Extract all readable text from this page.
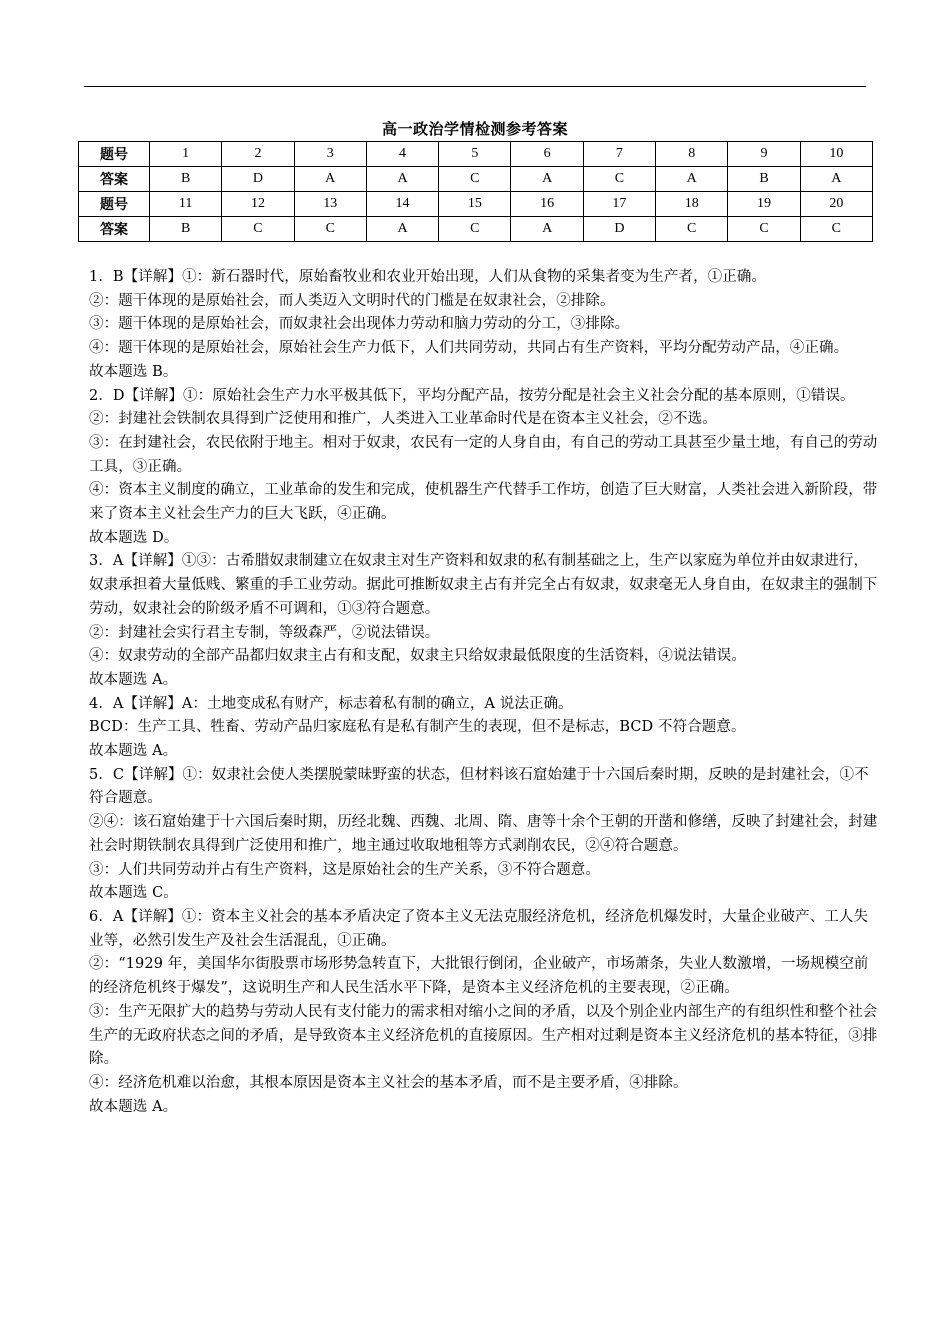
高一政治学情检测参考答案
题号	1	2	3	4	5	6	7	8	9	10
答案	B	D	A	A	C	A	C	A	B	A
题号	11	12	13	14	15	16	17	18	19	20
答案	B	C	C	A	C	A	D	C	C	C

1．B【详解】①：新石器时代，原始畜牧业和农业开始出现，人们从食物的采集者变为生产者，①正确。

②：题干体现的是原始社会，而人类迈入文明时代的门槛是在奴隶社会，②排除。

③：题干体现的是原始社会，而奴隶社会出现体力劳动和脑力劳动的分工，③排除。

④：题干体现的是原始社会，原始社会生产力低下，人们共同劳动，共同占有生产资料，平均分配劳动产品，④正确。

故本题选 B。

2．D【详解】①：原始社会生产力水平极其低下，平均分配产品，按劳分配是社会主义社会分配的基本原则，①错误。

②：封建社会铁制农具得到广泛使用和推广，人类进入工业革命时代是在资本主义社会，②不选。

③：在封建社会，农民依附于地主。相对于奴隶，农民有一定的人身自由，有自己的劳动工具甚至少量土地，有自己的劳动工具，③正确。

④：资本主义制度的确立，工业革命的发生和完成，使机器生产代替手工作坊，创造了巨大财富，人类社会进入新阶段，带来了资本主义社会生产力的巨大飞跃，④正确。

故本题选 D。

3．A【详解】①③：古希腊奴隶制建立在奴隶主对生产资料和奴隶的私有制基础之上，生产以家庭为单位并由奴隶进行，奴隶承担着大量低贱、繁重的手工业劳动。据此可推断奴隶主占有并完全占有奴隶，奴隶毫无人身自由，在奴隶主的强制下劳动，奴隶社会的阶级矛盾不可调和，①③符合题意。

②：封建社会实行君主专制，等级森严，②说法错误。

④：奴隶劳动的全部产品都归奴隶主占有和支配，奴隶主只给奴隶最低限度的生活资料，④说法错误。

故本题选 A。

4．A【详解】A：土地变成私有财产，标志着私有制的确立，A 说法正确。

BCD：生产工具、牲畜、劳动产品归家庭私有是私有制产生的表现，但不是标志，BCD 不符合题意。

故本题选 A。

5．C【详解】①：奴隶社会使人类摆脱蒙昧野蛮的状态，但材料该石窟始建于十六国后秦时期，反映的是封建社会，①不符合题意。

②④：该石窟始建于十六国后秦时期，历经北魏、西魏、北周、隋、唐等十余个王朝的开凿和修缮，反映了封建社会，封建社会时期铁制农具得到广泛使用和推广，地主通过收取地租等方式剥削农民，②④符合题意。

③：人们共同劳动并占有生产资料，这是原始社会的生产关系，③不符合题意。

故本题选 C。

6．A【详解】①：资本主义社会的基本矛盾决定了资本主义无法克服经济危机，经济危机爆发时，大量企业破产、工人失业等，必然引发生产及社会生活混乱，①正确。

②：“1929 年，美国华尔街股票市场形势急转直下，大批银行倒闭，企业破产，市场萧条，失业人数激增，一场规模空前的经济危机终于爆发”，这说明生产和人民生活水平下降，是资本主义经济危机的主要表现，②正确。

③：生产无限扩大的趋势与劳动人民有支付能力的需求相对缩小之间的矛盾，以及个别企业内部生产的有组织性和整个社会生产的无政府状态之间的矛盾，是导致资本主义经济危机的直接原因。生产相对过剩是资本主义经济危机的基本特征，③排除。

④：经济危机难以治愈，其根本原因是资本主义社会的基本矛盾，而不是主要矛盾，④排除。

故本题选 A。
